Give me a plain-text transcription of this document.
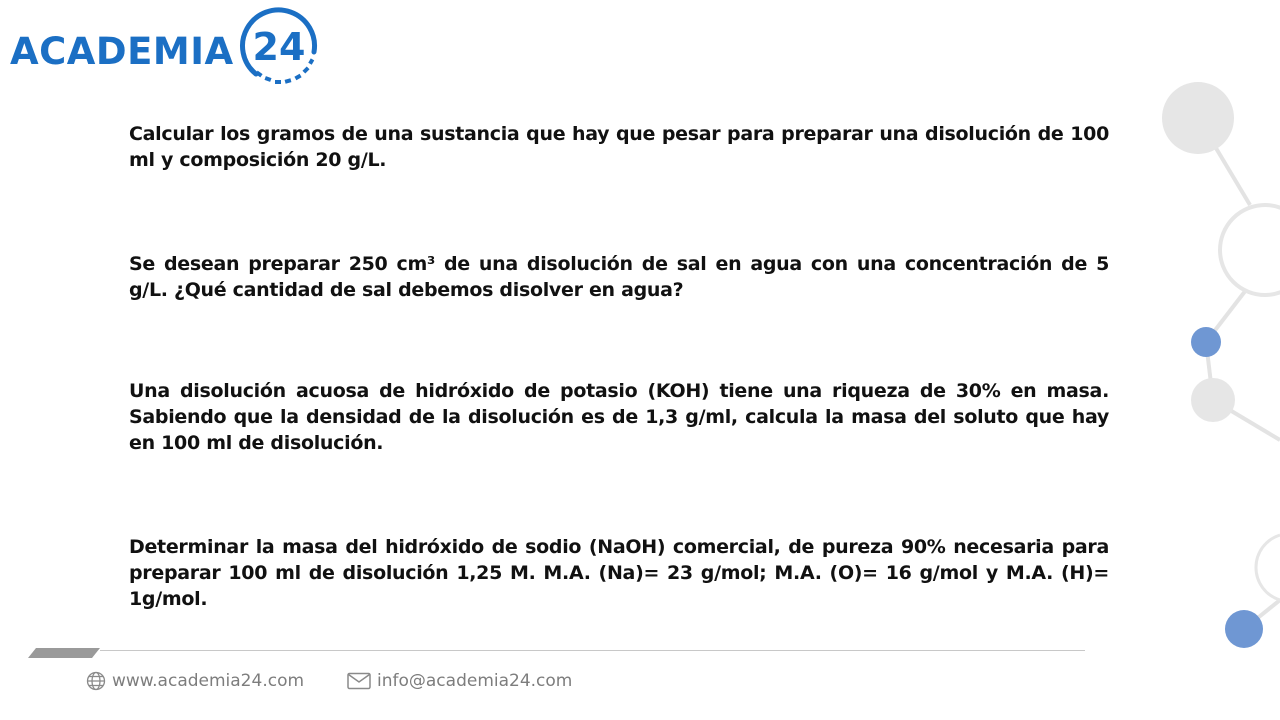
ACADEMIA 24
Calcular los gramos de una sustancia que hay que pesar para preparar una disolución de 100 ml y composición 20 g/L.
Se desean preparar 250 cm³ de una disolución de sal en agua con una concentración de 5 g/L. ¿Qué cantidad de sal debemos disolver en agua?
Una disolución acuosa de hidróxido de potasio (KOH) tiene una riqueza de 30% en masa. Sabiendo que la densidad de la disolución es de 1,3 g/ml, calcula la masa del soluto que hay en 100 ml de disolución.
Determinar la masa del hidróxido de sodio (NaOH) comercial, de pureza 90% necesaria para preparar 100 ml de disolución 1,25 M. M.A. (Na)= 23 g/mol; M.A. (O)= 16 g/mol y M.A. (H)= 1g/mol.
www.academia24.com	info@academia24.com
